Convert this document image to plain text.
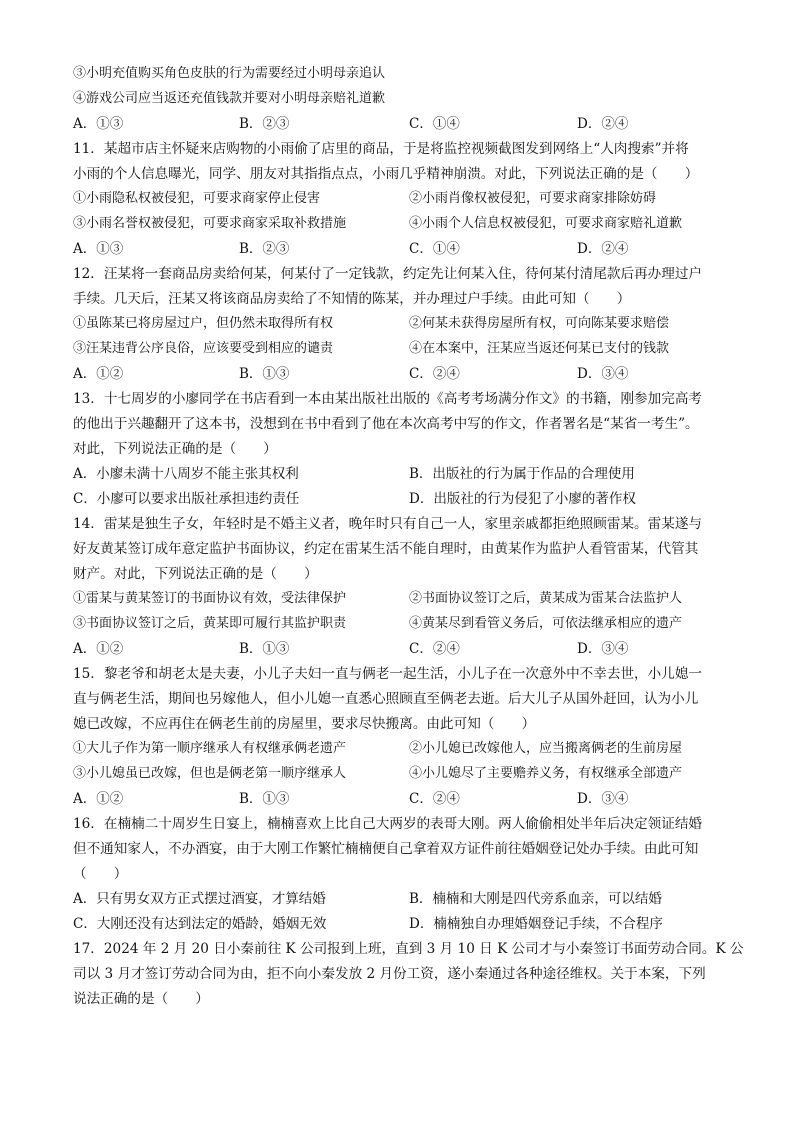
③小明充值购买角色皮肤的行为需要经过小明母亲追认
④游戏公司应当返还充值钱款并要对小明母亲赔礼道歉
A．①③	B．②③	C．①④	D．②④
11．某超市店主怀疑来店购物的小雨偷了店里的商品，于是将监控视频截图发到网络上“人肉搜索”并将
小雨的个人信息曝光，同学、朋友对其指指点点，小雨几乎精神崩溃。对此，下列说法正确的是（　　）
①小雨隐私权被侵犯，可要求商家停止侵害	②小雨肖像权被侵犯，可要求商家排除妨碍
③小雨名誉权被侵犯，可要求商家采取补救措施	④小雨个人信息权被侵犯，可要求商家赔礼道歉
A．①③	B．②③	C．①④	D．②④
12．汪某将一套商品房卖给何某，何某付了一定钱款，约定先让何某入住，待何某付清尾款后再办理过户
手续。几天后，汪某又将该商品房卖给了不知情的陈某，并办理过户手续。由此可知（　　）
①虽陈某已将房屋过户，但仍然未取得所有权	②何某未获得房屋所有权，可向陈某要求赔偿
③汪某违背公序良俗，应该要受到相应的谴责	④在本案中，汪某应当返还何某已支付的钱款
A．①②	B．①③	C．②④	D．③④
13．十七周岁的小廖同学在书店看到一本由某出版社出版的《高考考场满分作文》的书籍，刚参加完高考
的他出于兴趣翻开了这本书，没想到在书中看到了他在本次高考中写的作文，作者署名是“某省一考生”。
对此，下列说法正确的是（　　）
A．小廖未满十八周岁不能主张其权利	B．出版社的行为属于作品的合理使用
C．小廖可以要求出版社承担违约责任	D．出版社的行为侵犯了小廖的著作权
14．雷某是独生子女，年轻时是不婚主义者，晚年时只有自己一人，家里亲戚都拒绝照顾雷某。雷某遂与
好友黄某签订成年意定监护书面协议，约定在雷某生活不能自理时，由黄某作为监护人看管雷某，代管其
财产。对此，下列说法正确的是（　　）
①雷某与黄某签订的书面协议有效，受法律保护	②书面协议签订之后，黄某成为雷某合法监护人
③书面协议签订之后，黄某即可履行其监护职责	④黄某尽到看管义务后，可依法继承相应的遗产
A．①②	B．①③	C．②④	D．③④
15．黎老爷和胡老太是夫妻，小儿子夫妇一直与俩老一起生活，小儿子在一次意外中不幸去世，小儿媳一
直与俩老生活，期间也另嫁他人，但小儿媳一直悉心照顾直至俩老去逝。后大儿子从国外赶回，认为小儿
媳已改嫁，不应再住在俩老生前的房屋里，要求尽快搬离。由此可知（　　）
①大儿子作为第一顺序继承人有权继承俩老遗产	②小儿媳已改嫁他人，应当搬离俩老的生前房屋
③小儿媳虽已改嫁，但也是俩老第一顺序继承人	④小儿媳尽了主要赡养义务，有权继承全部遗产
A．①②	B．①③	C．②④	D．③④
16．在楠楠二十周岁生日宴上，楠楠喜欢上比自己大两岁的表哥大刚。两人偷偷相处半年后决定领证结婚
但不通知家人，不办酒宴，由于大刚工作繁忙楠楠便自己拿着双方证件前往婚姻登记处办手续。由此可知
（　　）
A．只有男女双方正式摆过酒宴，才算结婚	B．楠楠和大刚是四代旁系血亲，可以结婚
C．大刚还没有达到法定的婚龄，婚姻无效	D．楠楠独自办理婚姻登记手续，不合程序
17．2024 年 2 月 20 日小秦前往 K 公司报到上班，直到 3 月 10 日 K 公司才与小秦签订书面劳动合同。K 公
司以 3 月才签订劳动合同为由，拒不向小秦发放 2 月份工资，遂小秦通过各种途径维权。关于本案，下列
说法正确的是（　　）
